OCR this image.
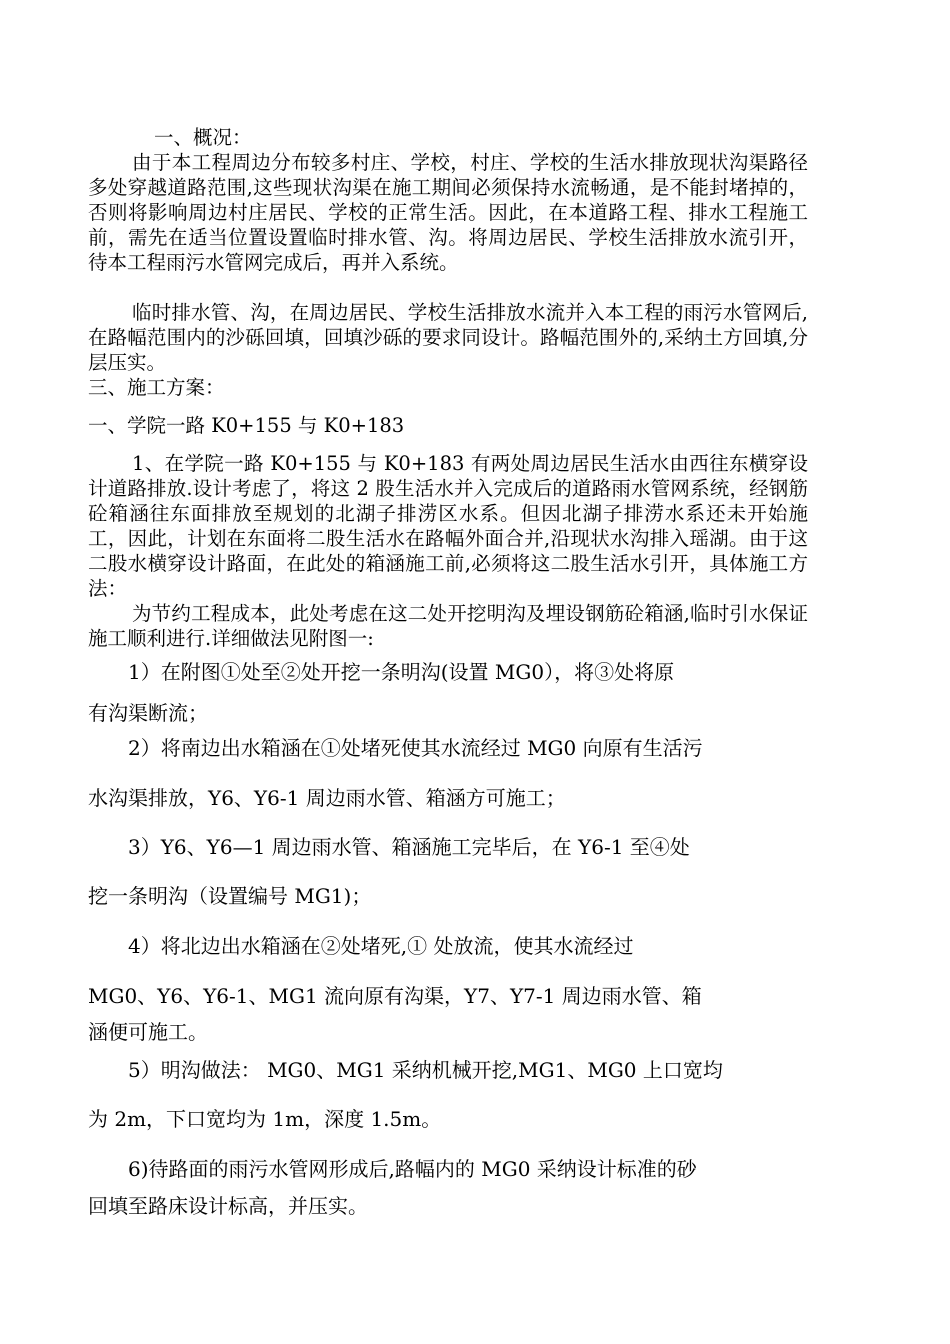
一、概况：

由于本工程周边分布较多村庄、学校，村庄、学校的生活水排放现状沟渠路径多处穿越道路范围,这些现状沟渠在施工期间必须保持水流畅通，是不能封堵掉的，否则将影响周边村庄居民、学校的正常生活。因此，在本道路工程、排水工程施工前，需先在适当位置设置临时排水管、沟。将周边居民、学校生活排放水流引开，待本工程雨污水管网完成后，再并入系统。

临时排水管、沟，在周边居民、学校生活排放水流并入本工程的雨污水管网后,在路幅范围内的沙砾回填，回填沙砾的要求同设计。路幅范围外的,采纳土方回填,分层压实。

三、施工方案：

一、学院一路 K0+155 与 K0+183

1、在学院一路 K0+155 与 K0+183 有两处周边居民生活水由西往东横穿设计道路排放.设计考虑了，将这 2 股生活水并入完成后的道路雨水管网系统，经钢筋砼箱涵往东面排放至规划的北湖子排涝区水系。但因北湖子排涝水系还未开始施工，因此，计划在东面将二股生活水在路幅外面合并,沿现状水沟排入瑶湖。由于这二股水横穿设计路面，在此处的箱涵施工前,必须将这二股生活水引开，具体施工方法：

为节约工程成本，此处考虑在这二处开挖明沟及埋设钢筋砼箱涵,临时引水保证施工顺利进行.详细做法见附图一:

1）在附图①处至②处开挖一条明沟(设置 MG0），将③处将原

有沟渠断流；

2）将南边出水箱涵在①处堵死使其水流经过 MG0 向原有生活污

水沟渠排放，Y6、Y6-1 周边雨水管、箱涵方可施工；

3）Y6、Y6—1 周边雨水管、箱涵施工完毕后，在 Y6-1 至④处

挖一条明沟（设置编号 MG1)；

4）将北边出水箱涵在②处堵死,① 处放流，使其水流经过

MG0、Y6、Y6-1、MG1 流向原有沟渠，Y7、Y7-1 周边雨水管、箱

涵便可施工。

5）明沟做法： MG0、MG1 采纳机械开挖,MG1、MG0 上口宽均

为 2m，下口宽均为 1m，深度 1.5m。

6)待路面的雨污水管网形成后,路幅内的 MG0 采纳设计标准的砂

回填至路床设计标高，并压实。
